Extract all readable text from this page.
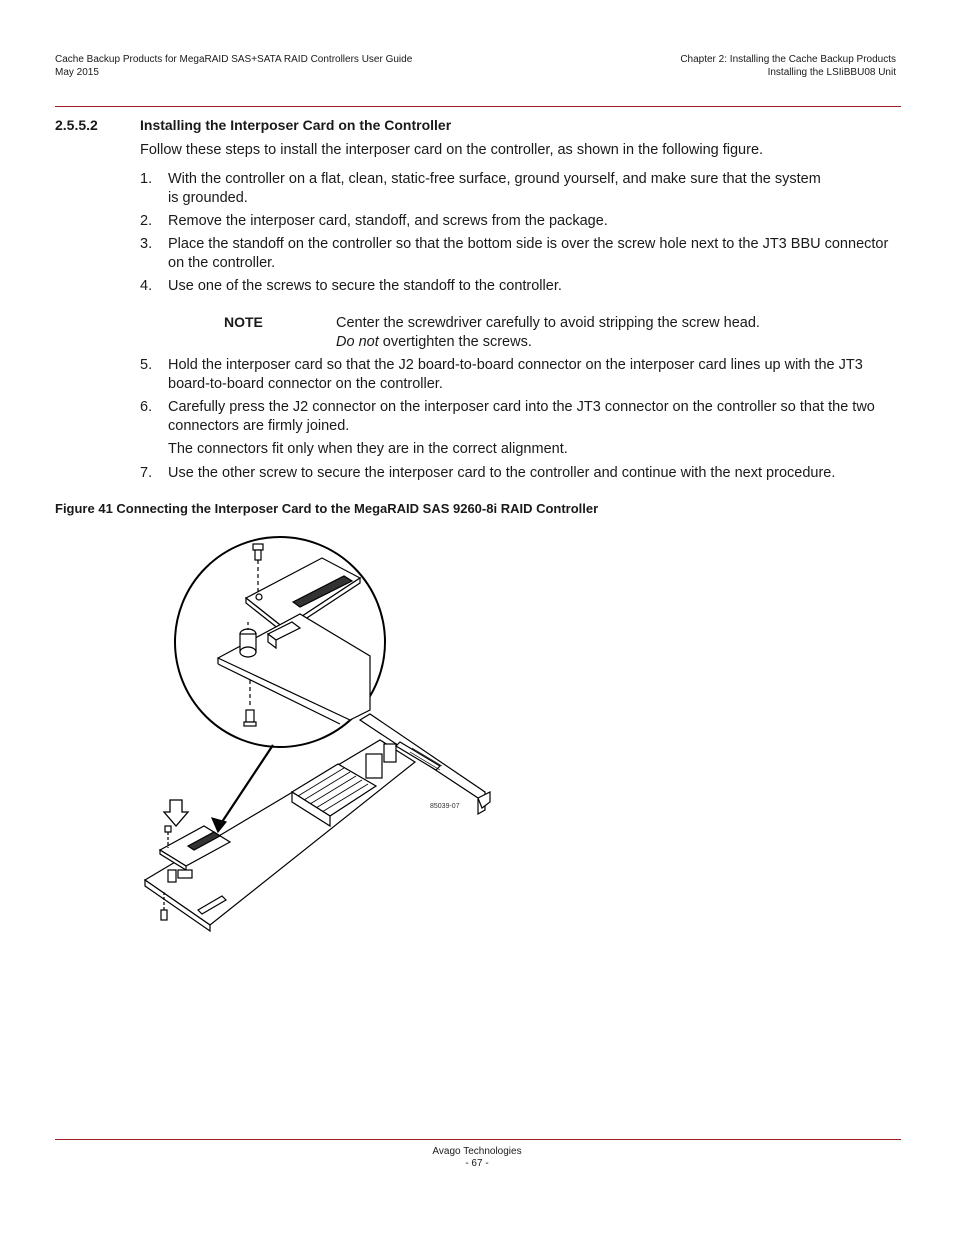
Cache Backup Products for MegaRAID SAS+SATA RAID Controllers User Guide
May 2015
Chapter 2: Installing the Cache Backup Products
Installing the LSIiBBU08 Unit
2.5.5.2	Installing the Interposer Card on the Controller
Follow these steps to install the interposer card on the controller, as shown in the following figure.
1. With the controller on a flat, clean, static-free surface, ground yourself, and make sure that the system
is grounded.
2. Remove the interposer card, standoff, and screws from the package.
3. Place the standoff on the controller so that the bottom side is over the screw hole next to the JT3 BBU connector
on the controller.
4. Use one of the screws to secure the standoff to the controller.
NOTE	Center the screwdriver carefully to avoid stripping the screw head.
Do not overtighten the screws.
5. Hold the interposer card so that the J2 board-to-board connector on the interposer card lines up with the JT3
board-to-board connector on the controller.
6. Carefully press the J2 connector on the interposer card into the JT3 connector on the controller so that the two
connectors are firmly joined.
The connectors fit only when they are in the correct alignment.
7. Use the other screw to secure the interposer card to the controller and continue with the next procedure.
Figure 41 Connecting the Interposer Card to the MegaRAID SAS 9260-8i RAID Controller
85039-07
Avago Technologies
- 67 -
